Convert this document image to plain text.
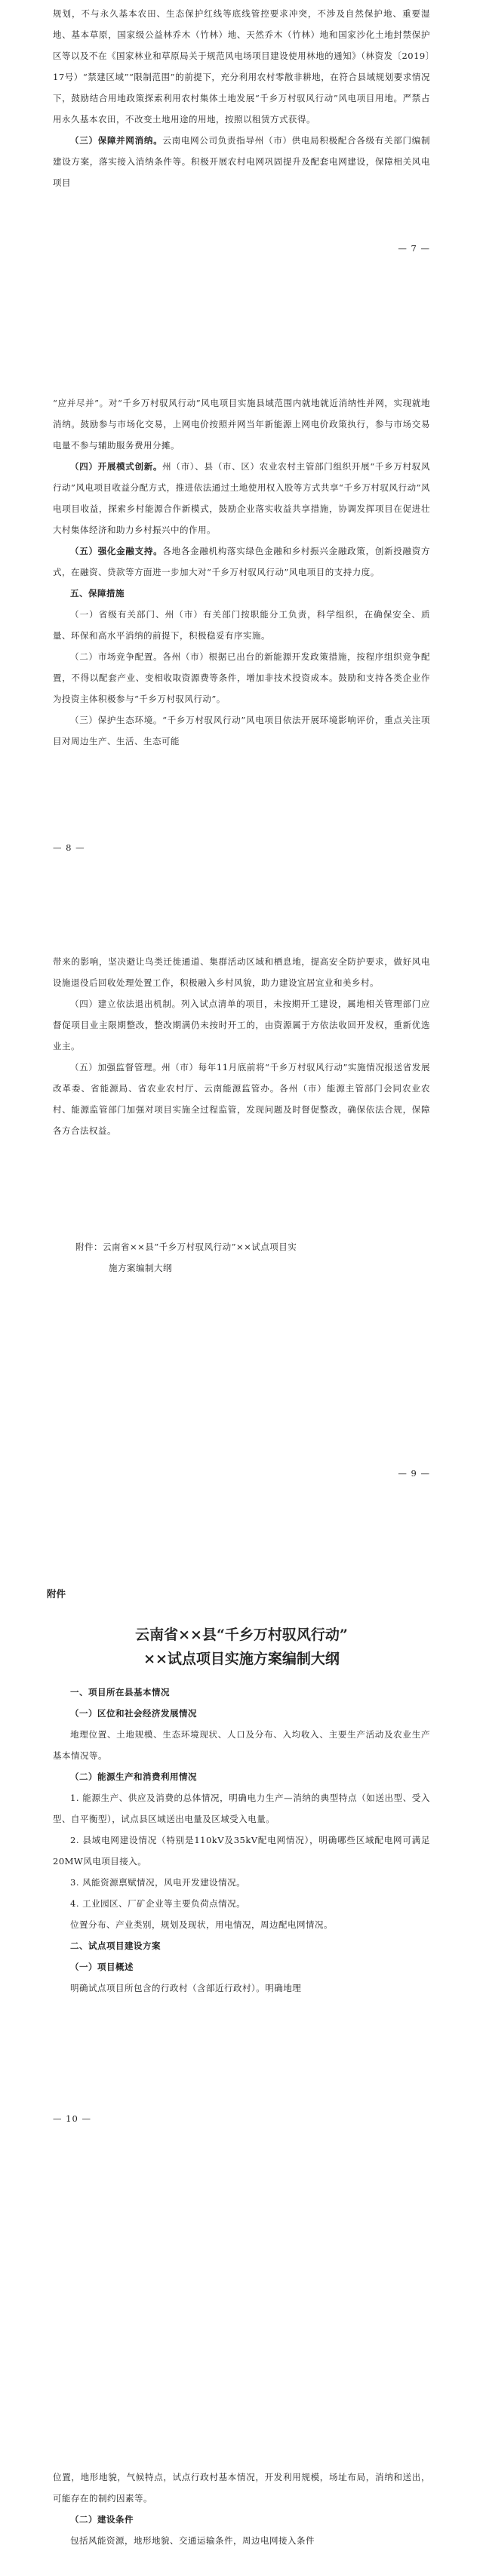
规划，不与永久基本农田、生态保护红线等底线管控要求冲突，不涉及自然保护地、重要湿地、基本草原，国家级公益林乔木（竹林）地、天然乔木（竹林）地和国家沙化土地封禁保护区等以及不在《国家林业和草原局关于规范风电场项目建设使用林地的通知》（林资发〔2019〕17号）“禁建区域”“限制范围”的前提下，充分利用农村零散非耕地，在符合县域规划要求情况下，鼓励结合用地政策探索利用农村集体土地发展“千乡万村驭风行动”风电项目用地。严禁占用永久基本农田，不改变土地用途的用地，按照以租赁方式获得。

（三）保障并网消纳。云南电网公司负责指导州（市）供电局积极配合各级有关部门编制建设方案，落实接入消纳条件等。积极开展农村电网巩固提升及配套电网建设，保障相关风电项目

— 7 —

“应并尽并”。对“千乡万村驭风行动”风电项目实施县域范围内就地就近消纳性并网，实现就地消纳。鼓励参与市场化交易，上网电价按照并网当年新能源上网电价政策执行，参与市场交易电量不参与辅助服务费用分摊。

（四）开展模式创新。州（市）、县（市、区）农业农村主管部门组织开展“千乡万村驭风行动”风电项目收益分配方式，推进依法通过土地使用权入股等方式共享“千乡万村驭风行动”风电项目收益，探索乡村能源合作新模式，鼓励企业落实收益共享措施，协调发挥项目在促进壮大村集体经济和助力乡村振兴中的作用。

（五）强化金融支持。各地各金融机构落实绿色金融和乡村振兴金融政策，创新投融资方式，在融资、贷款等方面进一步加大对“千乡万村驭风行动”风电项目的支持力度。

五、保障措施

（一）省级有关部门、州（市）有关部门按职能分工负责，科学组织，在确保安全、质量、环保和高水平消纳的前提下，积极稳妥有序实施。

（二）市场竞争配置。各州（市）根据已出台的新能源开发政策措施，按程序组织竞争配置，不得以配套产业、变相收取资源费等条件，增加非技术投资成本。鼓励和支持各类企业作为投资主体积极参与“千乡万村驭风行动”。

（三）保护生态环境。“千乡万村驭风行动”风电项目依法开展环境影响评价，重点关注项目对周边生产、生活、生态可能

— 8 —

带来的影响，坚决避让鸟类迁徙通道、集群活动区域和栖息地，提高安全防护要求，做好风电设施退役后回收处理处置工作，积极融入乡村风貌，助力建设宜居宜业和美乡村。

（四）建立依法退出机制。列入试点清单的项目，未按期开工建设，属地相关管理部门应督促项目业主限期整改，整改期满仍未按时开工的，由资源属于方依法收回开发权，重新优选业主。

（五）加强监督管理。州（市）每年11月底前将“千乡万村驭风行动”实施情况报送省发展改革委、省能源局、省农业农村厅、云南能源监管办。各州（市）能源主管部门会同农业农村、能源监管部门加强对项目实施全过程监管，发现问题及时督促整改，确保依法合规，保障各方合法权益。

附件：云南省××县“千乡万村驭风行动”××试点项目实

施方案编制大纲

— 9 —
附件
云南省××县“千乡万村驭风行动”
××试点项目实施方案编制大纲

一、项目所在县基本情况

（一）区位和社会经济发展情况

地理位置、土地规模、生态环境现状、人口及分布、入均收入、主要生产活动及农业生产基本情况等。

（二）能源生产和消费利用情况

1. 能源生产、供应及消费的总体情况，明确电力生产—消纳的典型特点（如送出型、受入型、自平衡型），试点县区域送出电量及区域受入电量。

2. 县域电网建设情况（特别是110kV及35kV配电网情况），明确哪些区域配电网可满足20MW风电项目接入。

3. 风能资源禀赋情况，风电开发建设情况。

4. 工业园区、厂矿企业等主要负荷点情况。

位置分布、产业类别，规划及现状，用电情况，周边配电网情况。

二、试点项目建设方案

（一）项目概述

明确试点项目所包含的行政村（含部近行政村）。明确地理

— 10 —

位置，地形地貌，气候特点，试点行政村基本情况，开发利用规模，场址布局，消纳和送出，可能存在的制约因素等。

（二）建设条件

包括风能资源，地形地貌、交通运输条件，周边电网接入条件
